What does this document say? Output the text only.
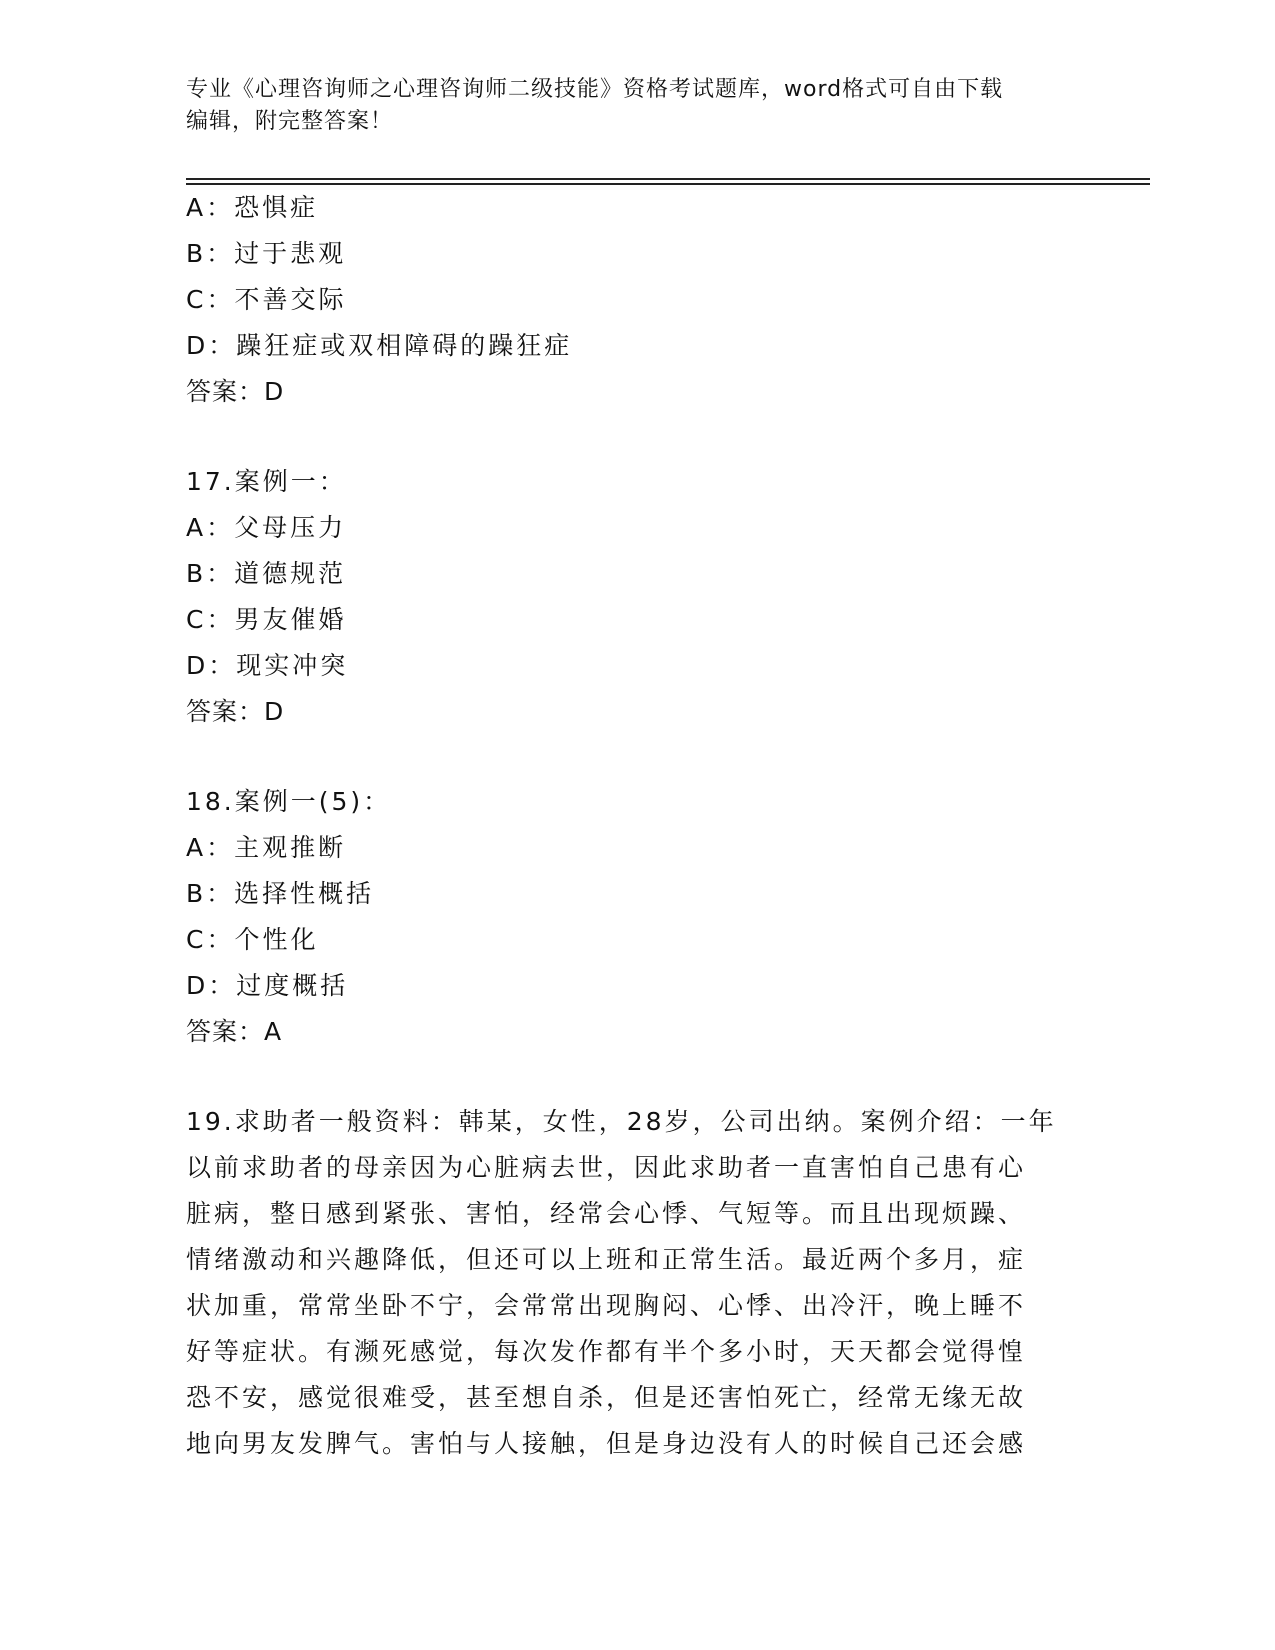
专业《心理咨询师之心理咨询师二级技能》资格考试题库，word格式可自由下载
编辑，附完整答案！
A：恐惧症
B：过于悲观
C：不善交际
D：躁狂症或双相障碍的躁狂症
答案：D
17.案例一：
A：父母压力
B：道德规范
C：男友催婚
D：现实冲突
答案：D
18.案例一(5)：
A：主观推断
B：选择性概括
C：个性化
D：过度概括
答案：A
19.求助者一般资料：韩某，女性，28岁，公司出纳。案例介绍：一年
以前求助者的母亲因为心脏病去世，因此求助者一直害怕自己患有心
脏病，整日感到紧张、害怕，经常会心悸、气短等。而且出现烦躁、
情绪激动和兴趣降低，但还可以上班和正常生活。最近两个多月，症
状加重，常常坐卧不宁，会常常出现胸闷、心悸、出冷汗，晚上睡不
好等症状。有濒死感觉，每次发作都有半个多小时，天天都会觉得惶
恐不安，感觉很难受，甚至想自杀，但是还害怕死亡，经常无缘无故
地向男友发脾气。害怕与人接触，但是身边没有人的时候自己还会感
